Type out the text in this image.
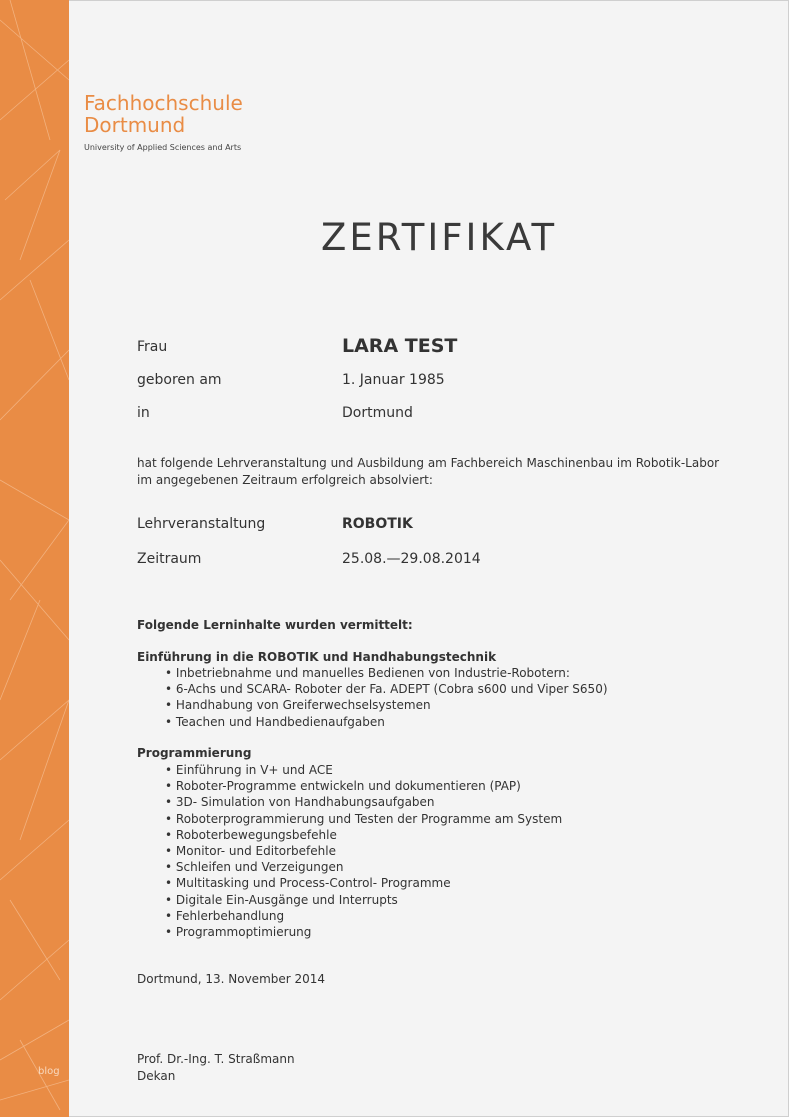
blog
Fachhochschule
Dortmund
University of Applied Sciences and Arts
ZERTIFIKAT
Frau	LARA TEST
geboren am	1. Januar 1985
in	Dortmund
hat folgende Lehrveranstaltung und Ausbildung am Fachbereich Maschinenbau im Robotik-Labor
im angegebenen Zeitraum erfolgreich absolviert:
Lehrveranstaltung	ROBOTIK
Zeitraum	25.08.—29.08.2014
Folgende Lerninhalte wurden vermittelt:
Einführung in die ROBOTIK und Handhabungstechnik
• Inbetriebnahme und manuelles Bedienen von Industrie-Robotern:
• 6-Achs und SCARA- Roboter der Fa. ADEPT (Cobra s600 und Viper S650)
• Handhabung von Greiferwechselsystemen
• Teachen und Handbedienaufgaben
Programmierung
• Einführung in V+ und ACE
• Roboter-Programme entwickeln und dokumentieren (PAP)
• 3D- Simulation von Handhabungsaufgaben
• Roboterprogrammierung und Testen der Programme am System
• Roboterbewegungsbefehle
• Monitor- und Editorbefehle
• Schleifen und Verzeigungen
• Multitasking und Process-Control- Programme
• Digitale Ein-Ausgänge und Interrupts
• Fehlerbehandlung
• Programmoptimierung
Dortmund, 13. November 2014
Prof. Dr.-Ing. T. Straßmann
Dekan
